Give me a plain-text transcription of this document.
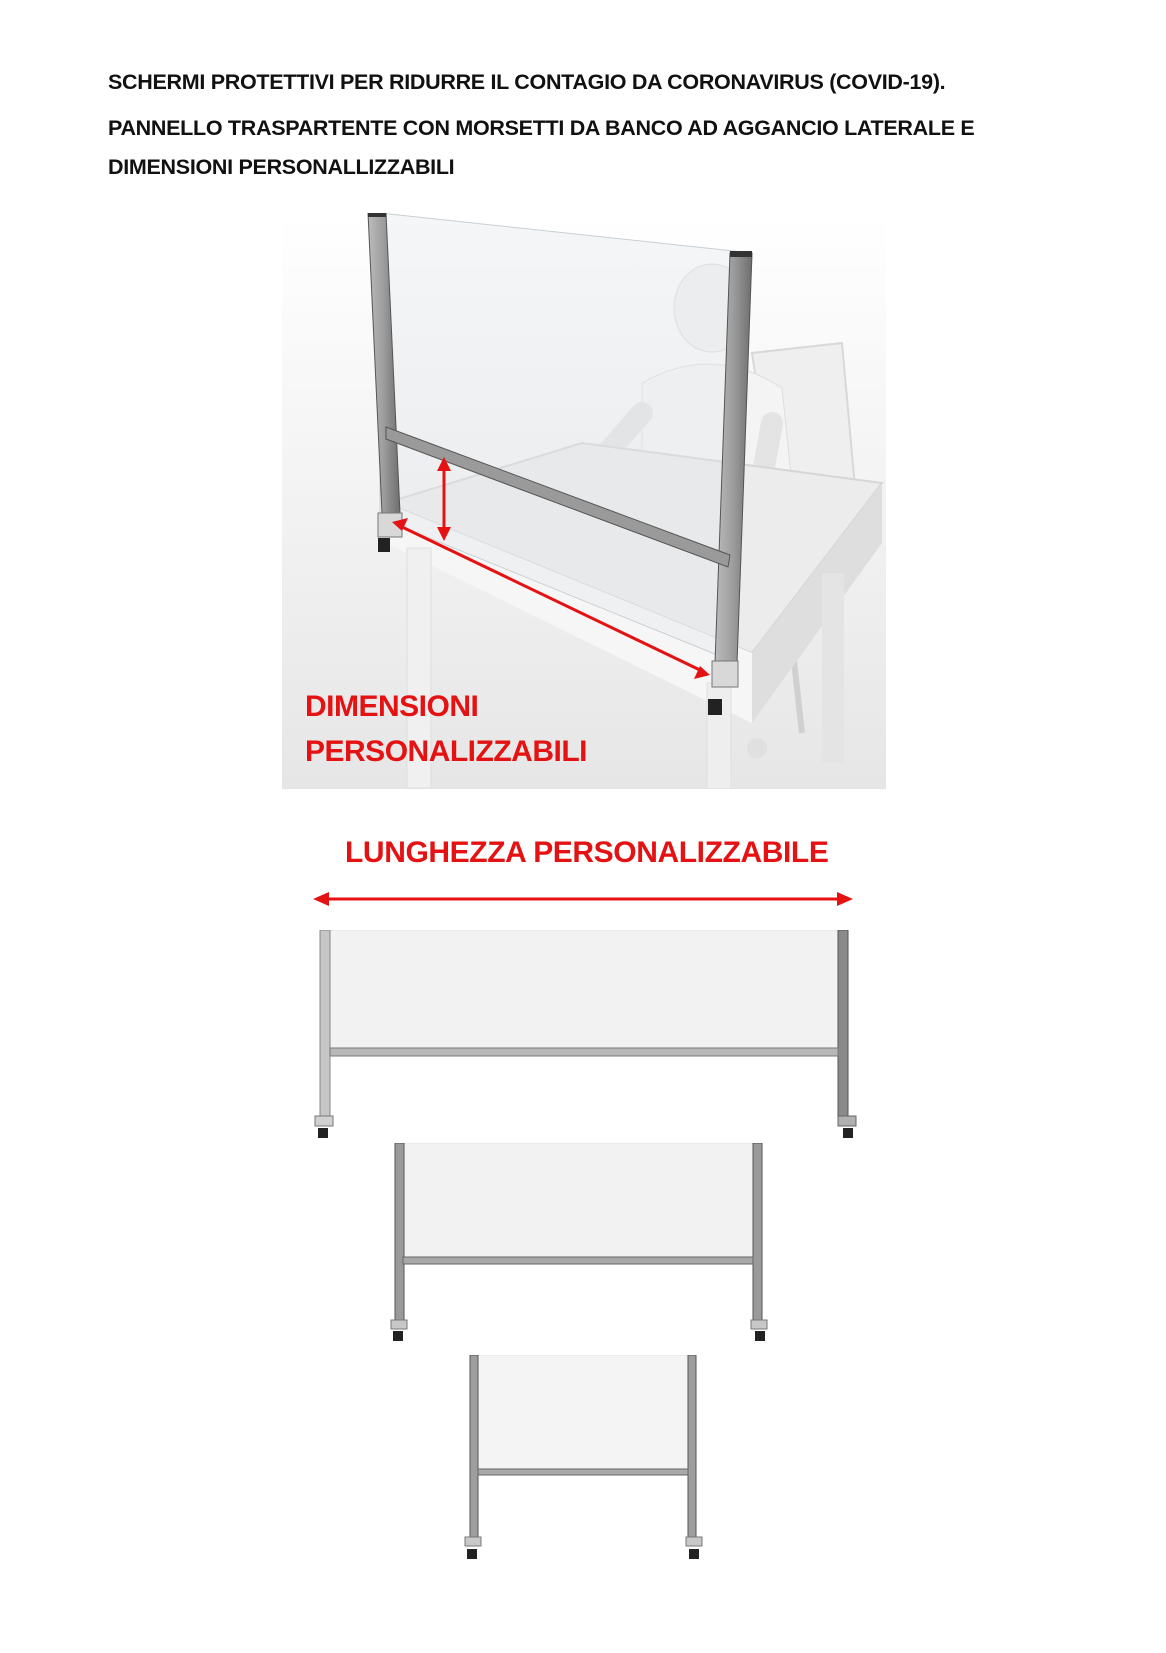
SCHERMI PROTETTIVI PER RIDURRE IL CONTAGIO DA CORONAVIRUS (COVID-19).
PANNELLO TRASPARTENTE CON MORSETTI DA BANCO AD AGGANCIO LATERALE E
DIMENSIONI PERSONALLIZZABILI
DIMENSIONI
PERSONALIZZABILI
LUNGHEZZA PERSONALIZZABILE
